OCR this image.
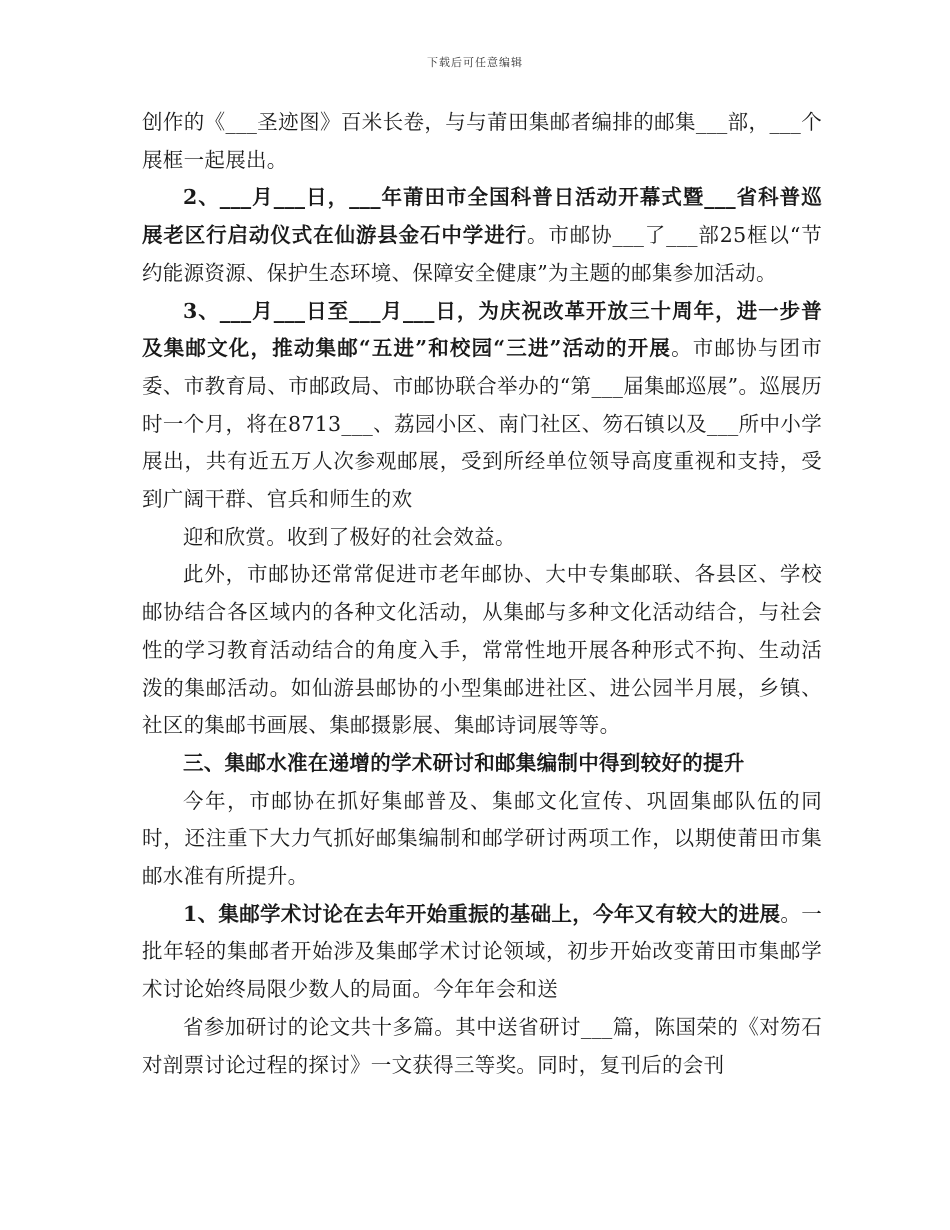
下载后可任意编辑

创作的《___圣迹图》百米长卷，与与莆田集邮者编排的邮集___部，___个展框一起展出。

2、___月___日，___年莆田市全国科普日活动开幕式暨___省科普巡展老区行启动仪式在仙游县金石中学进行。市邮协___了___部25框以“节约能源资源、保护生态环境、保障安全健康”为主题的邮集参加活动。

3、___月___日至___月___日，为庆祝改革开放三十周年，进一步普及集邮文化，推动集邮“五进”和校园“三进”活动的开展。市邮协与团市委、市教育局、市邮政局、市邮协联合举办的“第___届集邮巡展”。巡展历时一个月，将在8713___、荔园小区、南门社区、笏石镇以及___所中小学展出，共有近五万人次参观邮展，受到所经单位领导高度重视和支持，受到广阔干群、官兵和师生的欢

迎和欣赏。收到了极好的社会效益。

此外，市邮协还常常促进市老年邮协、大中专集邮联、各县区、学校邮协结合各区域内的各种文化活动，从集邮与多种文化活动结合，与社会性的学习教育活动结合的角度入手，常常性地开展各种形式不拘、生动活泼的集邮活动。如仙游县邮协的小型集邮进社区、进公园半月展，乡镇、社区的集邮书画展、集邮摄影展、集邮诗词展等等。

三、集邮水准在递增的学术研讨和邮集编制中得到较好的提升

今年，市邮协在抓好集邮普及、集邮文化宣传、巩固集邮队伍的同时，还注重下大力气抓好邮集编制和邮学研讨两项工作，以期使莆田市集邮水准有所提升。

1、集邮学术讨论在去年开始重振的基础上，今年又有较大的进展。一批年轻的集邮者开始涉及集邮学术讨论领域，初步开始改变莆田市集邮学术讨论始终局限少数人的局面。今年年会和送

省参加研讨的论文共十多篇。其中送省研讨___篇，陈国荣的《对笏石对剖票讨论过程的探讨》一文获得三等奖。同时，复刊后的会刊
